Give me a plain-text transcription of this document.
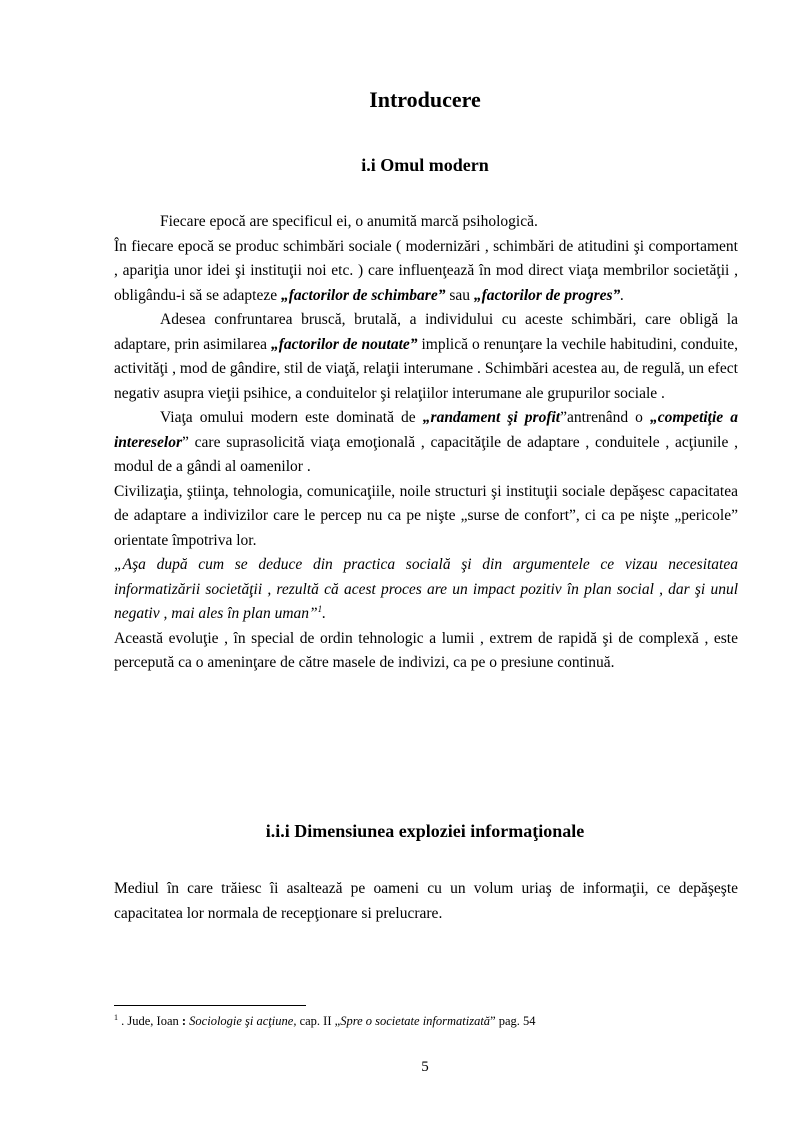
Introducere
i.i Omul modern

Fiecare epocă are specificul ei, o anumită marcă psihologică.

În fiecare epocă se produc schimbări sociale ( modernizări , schimbări de atitudini şi comportament , apariţia unor idei şi instituţii noi etc. ) care influenţează în mod direct viaţa membrilor societăţii , obligându-i să se adapteze „factorilor de schimbare” sau „factorilor de progres”.

Adesea confruntarea bruscă, brutală, a individului cu aceste schimbări, care obligă la adaptare, prin asimilarea „factorilor de noutate” implică o renunţare la vechile habitudini, conduite, activităţi , mod de gândire, stil de viaţă, relaţii interumane . Schimbări acestea au, de regulă, un efect negativ asupra vieţii psihice, a conduitelor şi relaţiilor interumane ale grupurilor sociale .

Viaţa omului modern este dominată de „randament şi profit”antrenând o „competiţie a intereselor” care suprasolicită viaţa emoţională , capacităţile de adaptare , conduitele , acţiunile , modul de a gândi al oamenilor .

Civilizaţia, ştiinţa, tehnologia, comunicaţiile, noile structuri şi instituţii sociale depăşesc capacitatea de adaptare a indivizilor care le percep nu ca pe nişte „surse de confort”, ci ca pe nişte „pericole” orientate împotriva lor.

„Aşa după cum se deduce din practica socială şi din argumentele ce vizau necesitatea informatizării societăţii , rezultă că acest proces are un impact pozitiv în plan social , dar şi unul negativ , mai ales în plan uman”$^1$.

Această evoluţie , în special de ordin tehnologic a lumii , extrem de rapidă şi de complexă , este percepută ca o ameninţare de către masele de indivizi, ca pe o presiune continuă.

i.i.i Dimensiunea exploziei informaţionale

Mediul în care trăiesc îi asaltează pe oameni cu un volum uriaş de informaţii, ce depăşeşte capacitatea lor normala de recepţionare si prelucrare.

$^1$ . Jude, Ioan : Sociologie şi acţiune, cap. II „Spre o societate informatizată” pag. 54
5
